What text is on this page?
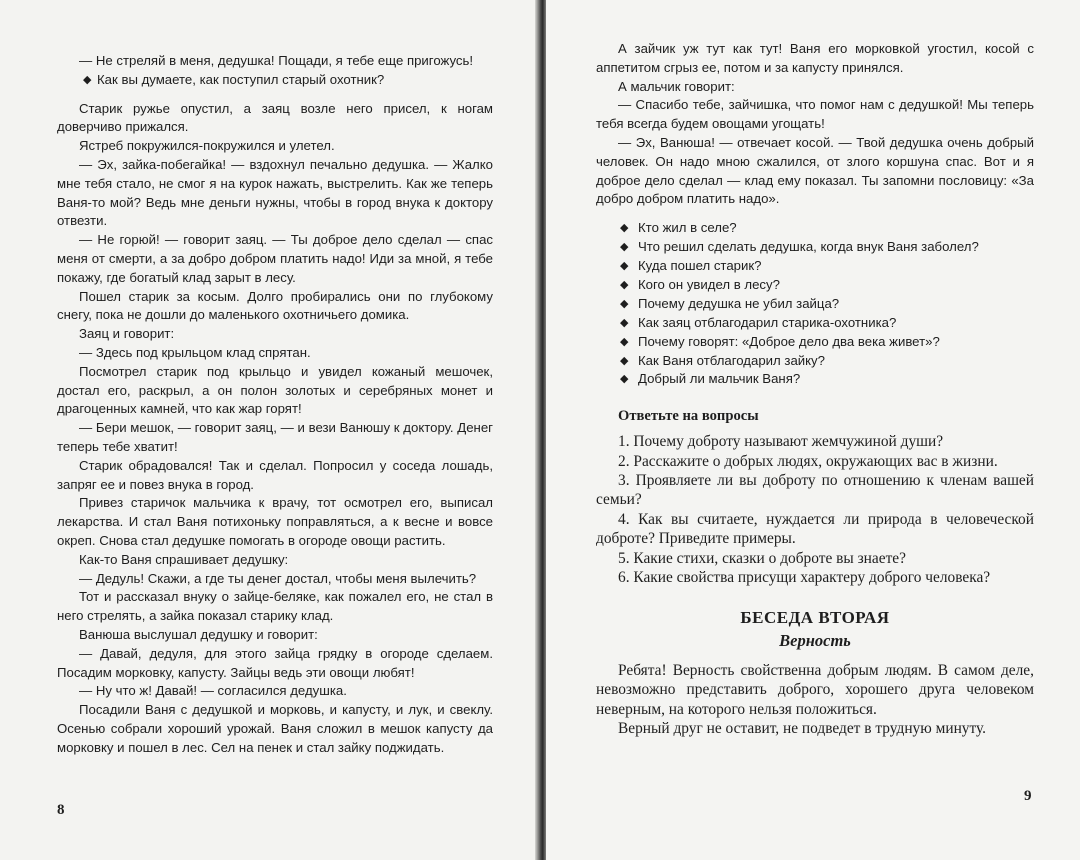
— Не стреляй в меня, дедушка! Пощади, я тебе еще пригожусь!

◆ Как вы думаете, как поступил старый охотник?

Старик ружье опустил, а заяц возле него присел, к ногам доверчиво прижался.

Ястреб покружился-покружился и улетел.

— Эх, зайка-побегайка! — вздохнул печально дедушка. — Жалко мне тебя стало, не смог я на курок нажать, выстрелить. Как же теперь Ваня-то мой? Ведь мне деньги нужны, чтобы в город внука к доктору отвезти.

— Не горюй! — говорит заяц. — Ты доброе дело сделал — спас меня от смерти, а за добро добром платить надо! Иди за мной, я тебе покажу, где богатый клад зарыт в лесу.

Пошел старик за косым. Долго пробирались они по глубокому снегу, пока не дошли до маленького охотничьего домика.

Заяц и говорит:

— Здесь под крыльцом клад спрятан.

Посмотрел старик под крыльцо и увидел кожаный мешочек, достал его, раскрыл, а он полон золотых и серебряных монет и драгоценных камней, что как жар горят!

— Бери мешок, — говорит заяц, — и вези Ванюшу к доктору. Денег теперь тебе хватит!

Старик обрадовался! Так и сделал. Попросил у соседа лошадь, запряг ее и повез внука в город.

Привез старичок мальчика к врачу, тот осмотрел его, выписал лекарства. И стал Ваня потихоньку поправляться, а к весне и вовсе окреп. Снова стал дедушке помогать в огороде овощи растить.

Как-то Ваня спрашивает дедушку:

— Дедуль! Скажи, а где ты денег достал, чтобы меня вылечить?

Тот и рассказал внуку о зайце-беляке, как пожалел его, не стал в него стрелять, а зайка показал старику клад.

Ванюша выслушал дедушку и говорит:

— Давай, дедуля, для этого зайца грядку в огороде сделаем. Посадим морковку, капусту. Зайцы ведь эти овощи любят!

— Ну что ж! Давай! — согласился дедушка.

Посадили Ваня с дедушкой и морковь, и капусту, и лук, и свеклу. Осенью собрали хороший урожай. Ваня сложил в мешок капусту да морковку и пошел в лес. Сел на пенек и стал зайку поджидать.

8

А зайчик уж тут как тут! Ваня его морковкой угостил, косой с аппетитом сгрыз ее, потом и за капусту принялся.

А мальчик говорит:

— Спасибо тебе, зайчишка, что помог нам с дедушкой! Мы теперь тебя всегда будем овощами угощать!

— Эх, Ванюша! — отвечает косой. — Твой дедушка очень добрый человек. Он надо мною сжалился, от злого коршуна спас. Вот и я доброе дело сделал — клад ему показал. Ты запомни пословицу: «За добро добром платить надо».

◆ Кто жил в селе?
◆ Что решил сделать дедушка, когда внук Ваня заболел?
◆ Куда пошел старик?
◆ Кого он увидел в лесу?
◆ Почему дедушка не убил зайца?
◆ Как заяц отблагодарил старика-охотника?
◆ Почему говорят: «Доброе дело два века живет»?
◆ Как Ваня отблагодарил зайку?
◆ Добрый ли мальчик Ваня?
Ответьте на вопросы
1. Почему доброту называют жемчужиной души?
2. Расскажите о добрых людях, окружающих вас в жизни.
3. Проявляете ли вы доброту по отношению к членам вашей семьи?
4. Как вы считаете, нуждается ли природа в человеческой доброте? Приведите примеры.
5. Какие стихи, сказки о доброте вы знаете?
6. Какие свойства присущи характеру доброго человека?
БЕСЕДА ВТОРАЯ
Верность

Ребята! Верность свойственна добрым людям. В самом деле, невозможно представить доброго, хорошего друга человеком неверным, на которого нельзя положиться.

Верный друг не оставит, не подведет в трудную минуту.

9
